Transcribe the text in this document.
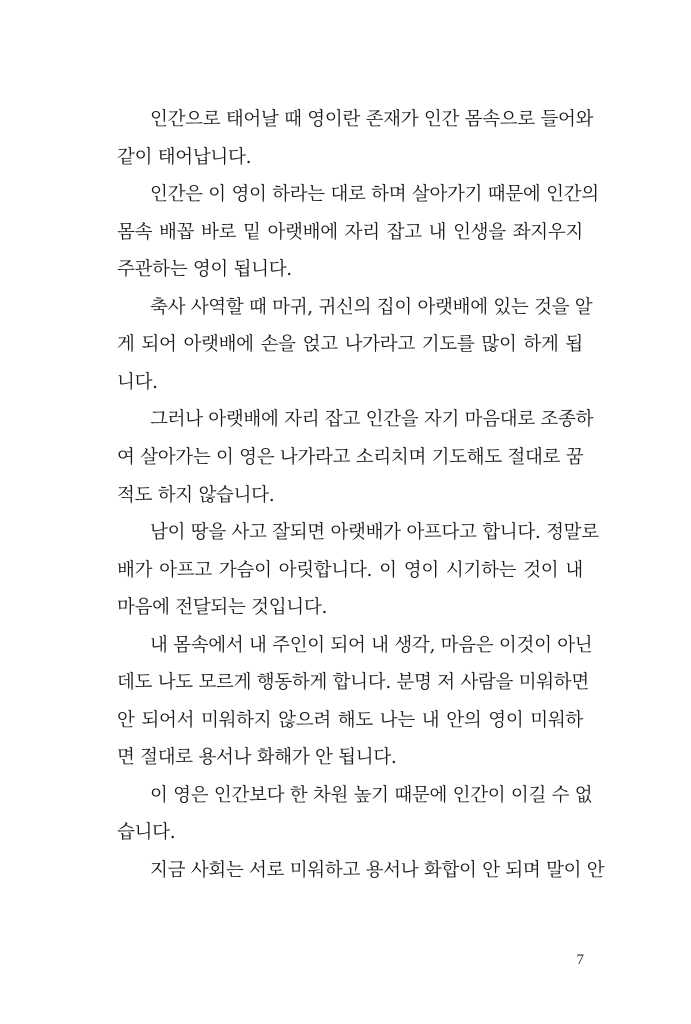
인간으로 태어날 때 영이란 존재가 인간 몸속으로 들어와
같이 태어납니다.
인간은 이 영이 하라는 대로 하며 살아가기 때문에 인간의
몸속 배꼽 바로 밑 아랫배에 자리 잡고 내 인생을 좌지우지
주관하는 영이 됩니다.
축사 사역할 때 마귀, 귀신의 집이 아랫배에 있는 것을 알
게 되어 아랫배에 손을 얹고 나가라고 기도를 많이 하게 됩
니다.
그러나 아랫배에 자리 잡고 인간을 자기 마음대로 조종하
여 살아가는 이 영은 나가라고 소리치며 기도해도 절대로 꿈
적도 하지 않습니다.
남이 땅을 사고 잘되면 아랫배가 아프다고 합니다. 정말로
배가 아프고 가슴이 아릿합니다. 이 영이 시기하는 것이 내
마음에 전달되는 것입니다.
내 몸속에서 내 주인이 되어 내 생각, 마음은 이것이 아닌
데도 나도 모르게 행동하게 합니다. 분명 저 사람을 미워하면
안 되어서 미워하지 않으려 해도 나는 내 안의 영이 미워하
면 절대로 용서나 화해가 안 됩니다.
이 영은 인간보다 한 차원 높기 때문에 인간이 이길 수 없
습니다.
지금 사회는 서로 미워하고 용서나 화합이 안 되며 말이 안
7
